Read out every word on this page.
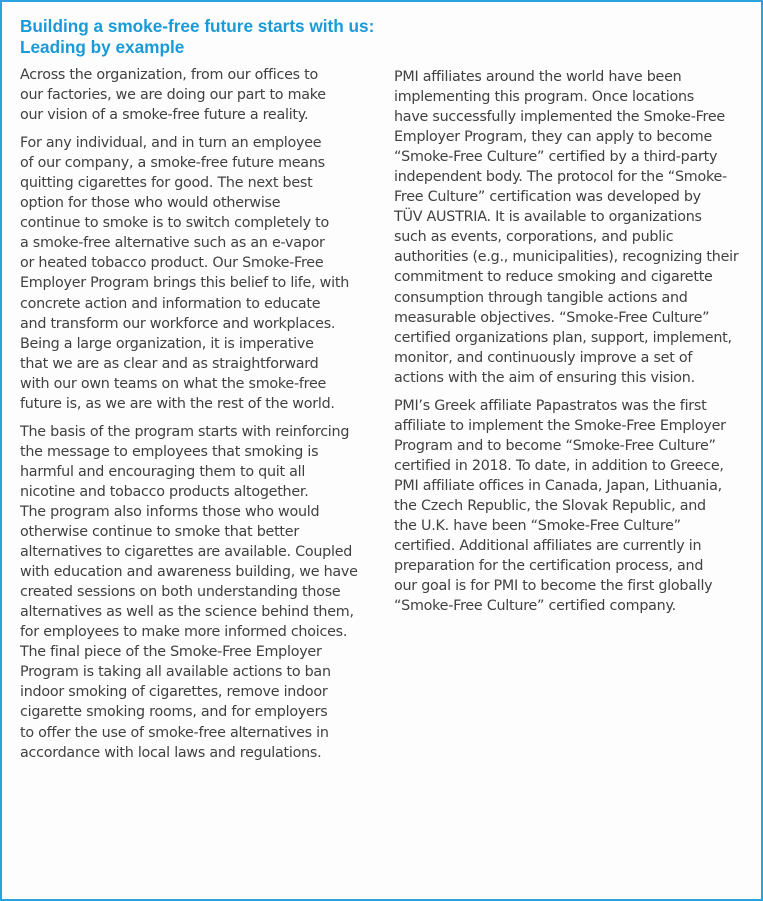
Building a smoke-free future starts with us:
Leading by example

Across the organization, from our offices to
our factories, we are doing our part to make
our vision of a smoke-free future a reality.

For any individual, and in turn an employee
of our company, a smoke-free future means
quitting cigarettes for good. The next best
option for those who would otherwise
continue to smoke is to switch completely to
a smoke-free alternative such as an e-vapor
or heated tobacco product. Our Smoke-Free
Employer Program brings this belief to life, with
concrete action and information to educate
and transform our workforce and workplaces.
Being a large organization, it is imperative
that we are as clear and as straightforward
with our own teams on what the smoke-free
future is, as we are with the rest of the world.

The basis of the program starts with reinforcing
the message to employees that smoking is
harmful and encouraging them to quit all
nicotine and tobacco products altogether.
The program also informs those who would
otherwise continue to smoke that better
alternatives to cigarettes are available. Coupled
with education and awareness building, we have
created sessions on both understanding those
alternatives as well as the science behind them,
for employees to make more informed choices.
The final piece of the Smoke-Free Employer
Program is taking all available actions to ban
indoor smoking of cigarettes, remove indoor
cigarette smoking rooms, and for employers
to offer the use of smoke-free alternatives in
accordance with local laws and regulations.

PMI affiliates around the world have been
implementing this program. Once locations
have successfully implemented the Smoke-Free
Employer Program, they can apply to become
“Smoke-Free Culture” certified by a third-party
independent body. The protocol for the “Smoke-
Free Culture” certification was developed by
TÜV AUSTRIA. It is available to organizations
such as events, corporations, and public
authorities (e.g., municipalities), recognizing their
commitment to reduce smoking and cigarette
consumption through tangible actions and
measurable objectives. “Smoke-Free Culture”
certified organizations plan, support, implement,
monitor, and continuously improve a set of
actions with the aim of ensuring this vision.

PMI’s Greek affiliate Papastratos was the first
affiliate to implement the Smoke-Free Employer
Program and to become “Smoke-Free Culture”
certified in 2018. To date, in addition to Greece,
PMI affiliate offices in Canada, Japan, Lithuania,
the Czech Republic, the Slovak Republic, and
the U.K. have been “Smoke-Free Culture”
certified. Additional affiliates are currently in
preparation for the certification process, and
our goal is for PMI to become the first globally
“Smoke-Free Culture” certified company.
